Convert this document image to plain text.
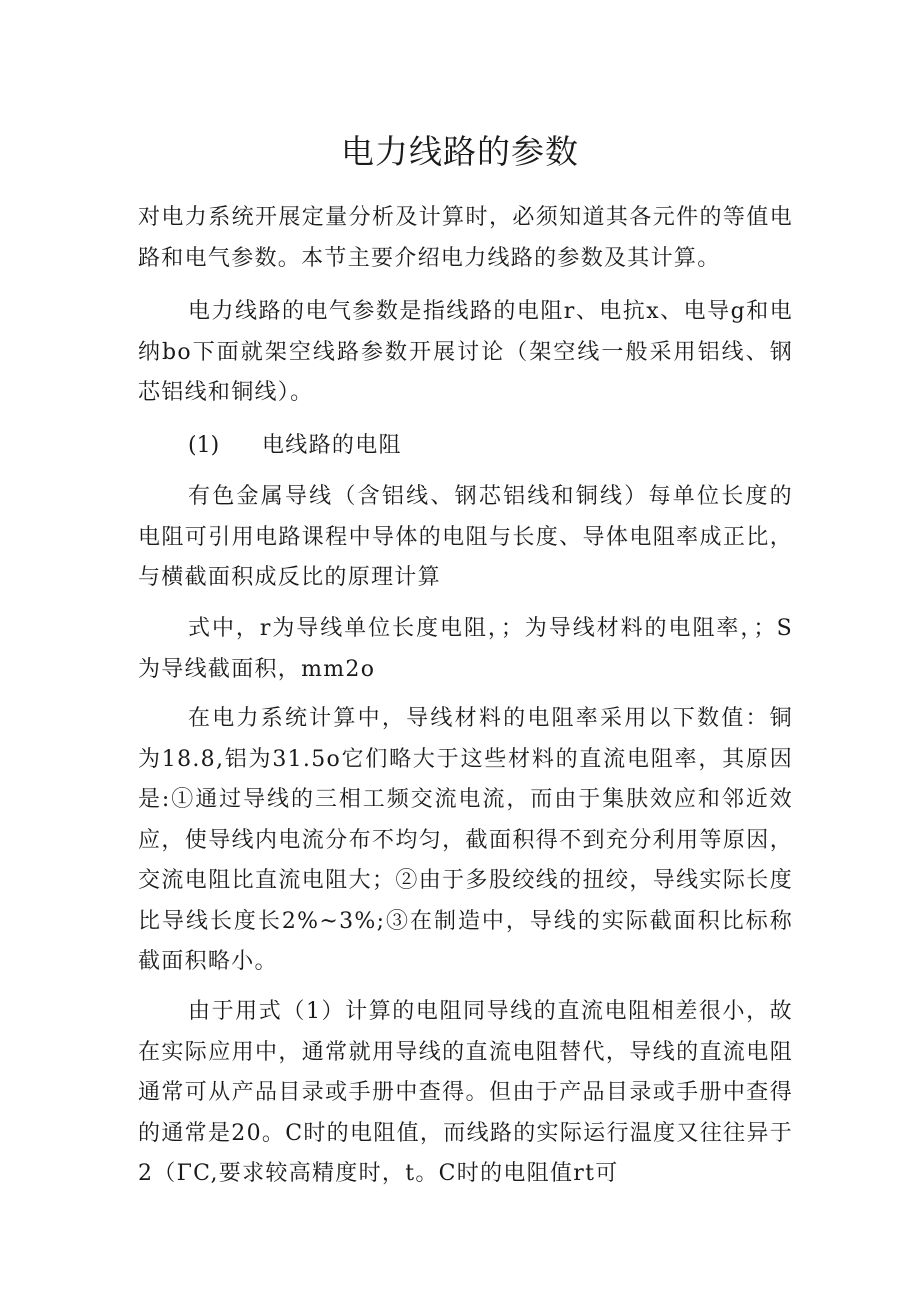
电力线路的参数

对电力系统开展定量分析及计算时，必须知道其各元件的等值电路和电气参数。本节主要介绍电力线路的参数及其计算。

电力线路的电气参数是指线路的电阻r、电抗x、电导g和电纳bo下面就架空线路参数开展讨论（架空线一般采用铝线、钢芯铝线和铜线）。

(1) 电线路的电阻

有色金属导线（含铝线、钢芯铝线和铜线）每单位长度的电阻可引用电路课程中导体的电阻与长度、导体电阻率成正比，与横截面积成反比的原理计算

式中，r为导线单位长度电阻，；为导线材料的电阻率，；S为导线截面积，mm2o

在电力系统计算中，导线材料的电阻率采用以下数值：铜为18.8,铝为31.5o它们略大于这些材料的直流电阻率，其原因是:①通过导线的三相工频交流电流，而由于集肤效应和邻近效应，使导线内电流分布不均匀，截面积得不到充分利用等原因，交流电阻比直流电阻大；②由于多股绞线的扭绞，导线实际长度比导线长度长2%~3%;③在制造中，导线的实际截面积比标称截面积略小。

由于用式（1）计算的电阻同导线的直流电阻相差很小，故在实际应用中，通常就用导线的直流电阻替代，导线的直流电阻通常可从产品目录或手册中查得。但由于产品目录或手册中查得的通常是20。C时的电阻值，而线路的实际运行温度又往往异于2（ΓC,要求较高精度时，t。C时的电阻值rt可
